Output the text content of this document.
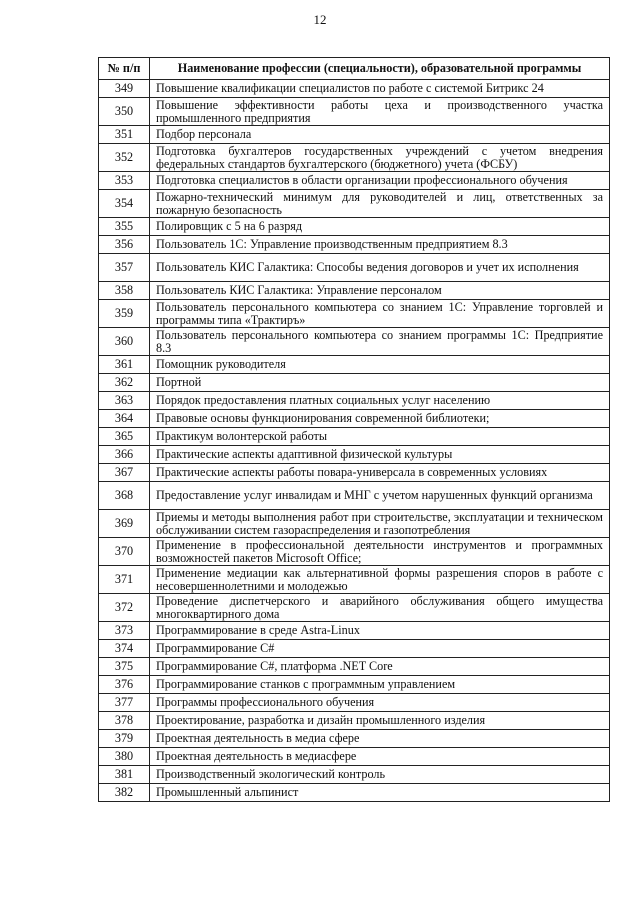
12
№ п/п	Наименование профессии (специальности), образовательной программы
349	Повышение квалификации специалистов по работе с системой Битрикс 24
350	Повышение эффективности работы цеха и производственного участка промышленного предприятия
351	Подбор персонала
352	Подготовка бухгалтеров государственных учреждений с учетом внедрения федеральных стандартов бухгалтерского (бюджетного) учета (ФСБУ)
353	Подготовка специалистов в области организации профессионального обучения
354	Пожарно-технический минимум для руководителей и лиц, ответственных за пожарную безопасность
355	Полировщик с 5 на 6 разряд
356	Пользователь 1С: Управление производственным предприятием 8.3
357	Пользователь КИС Галактика: Способы ведения договоров и учет их исполнения
358	Пользователь КИС Галактика: Управление персоналом
359	Пользователь персонального компьютера со знанием 1С: Управление торговлей и программы типа «Трактиръ»
360	Пользователь персонального компьютера со знанием программы 1С: Предприятие 8.3
361	Помощник руководителя
362	Портной
363	Порядок предоставления платных социальных услуг населению
364	Правовые основы функционирования современной библиотеки;
365	Практикум волонтерской работы
366	Практические аспекты адаптивной физической культуры
367	Практические аспекты работы повара-универсала в современных условиях
368	Предоставление услуг инвалидам и МНГ с учетом нарушенных функций организма
369	Приемы и методы выполнения работ при строительстве, эксплуатации и техническом обслуживании систем газораспределения и газопотребления
370	Применение в профессиональной деятельности инструментов и программных возможностей пакетов Microsoft Office;
371	Применение медиации как альтернативной формы разрешения споров в работе с несовершеннолетними и молодежью
372	Проведение диспетчерского и аварийного обслуживания общего имущества многоквартирного дома
373	Программирование в среде Astra-Linux
374	Программирование С#
375	Программирование С#, платформа .NET Core
376	Программирование станков с программным управлением
377	Программы профессионального обучения
378	Проектирование, разработка и дизайн промышленного изделия
379	Проектная деятельность в медиа сфере
380	Проектная деятельность в медиасфере
381	Производственный экологический контроль
382	Промышленный альпинист
